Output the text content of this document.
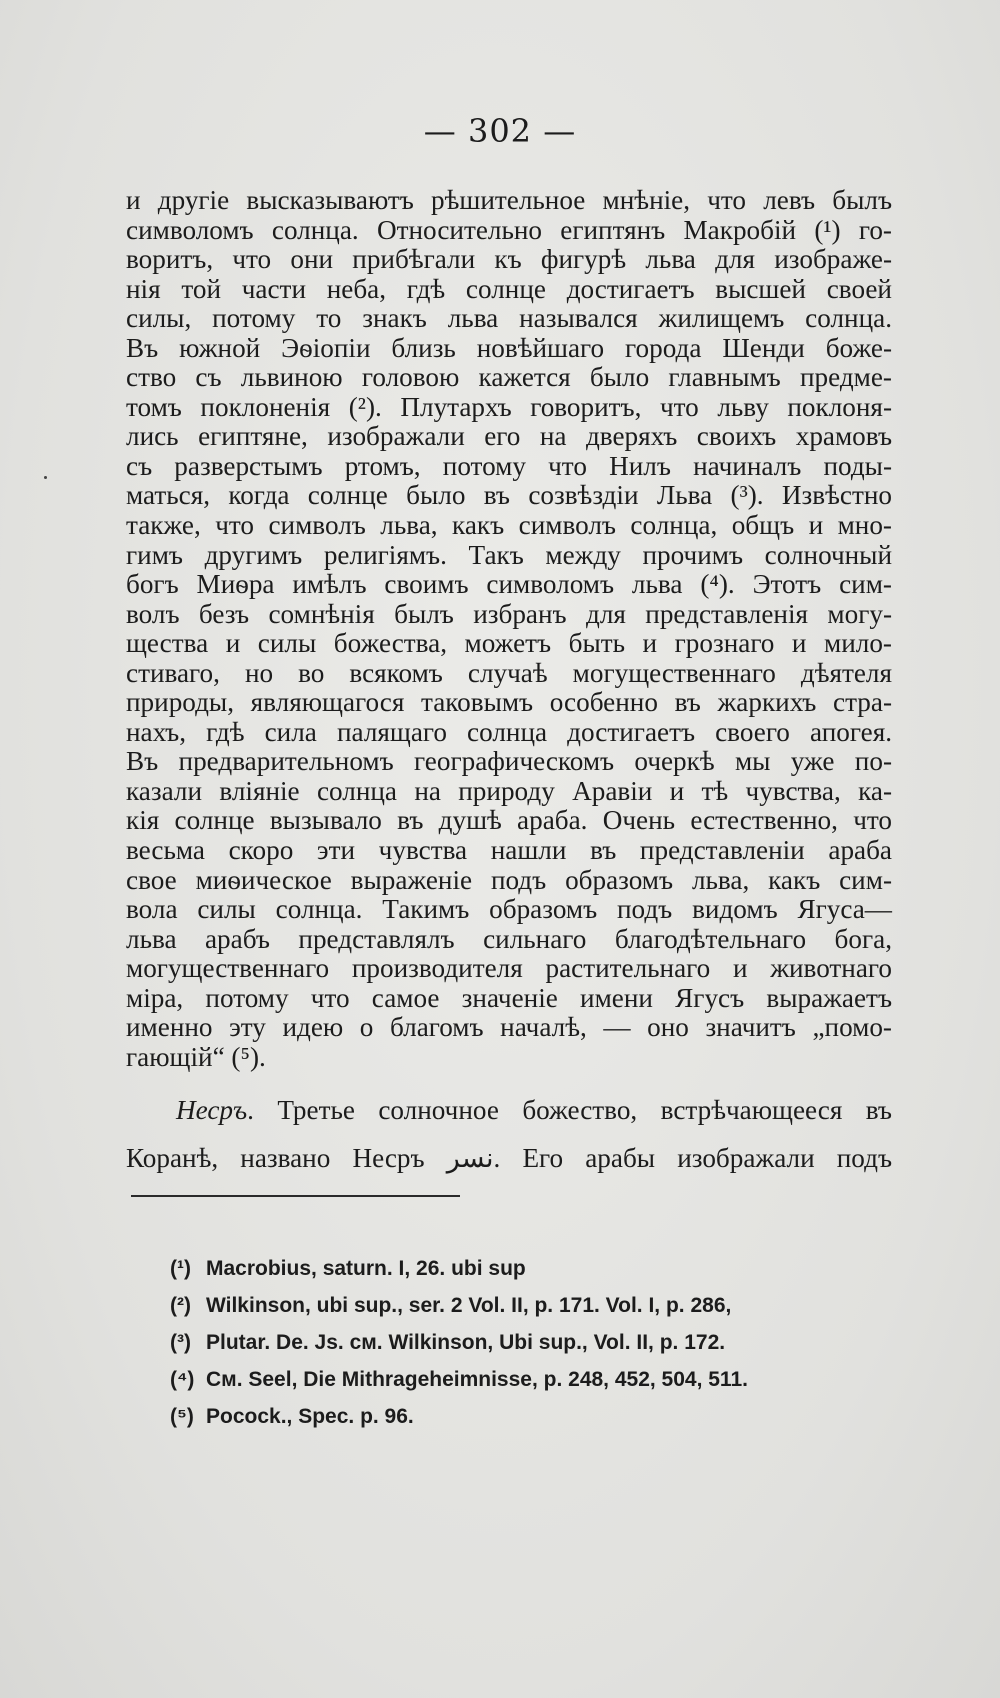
— 302 —
и другіе высказываютъ рѣшительное мнѣніе, что левъ былъ
символомъ солнца. Относительно египтянъ Макробій (¹) го-
воритъ, что они прибѣгали къ фигурѣ льва для изображе-
нія той части неба, гдѣ солнце достигаетъ высшей своей
силы, потому то знакъ льва назывался жилищемъ солнца.
Въ южной Эѳіопіи близь новѣйшаго города Шенди боже-
ство съ львиною головою кажется было главнымъ предме-
томъ поклоненія (²). Плутархъ говоритъ, что льву поклоня-
лись египтяне, изображали его на дверяхъ своихъ храмовъ
съ разверстымъ ртомъ, потому что Нилъ начиналъ поды-
маться, когда солнце было въ созвѣздіи Льва (³). Извѣстно
также, что символъ льва, какъ символъ солнца, общъ и мно-
гимъ другимъ религіямъ. Такъ между прочимъ солночный
богъ Миѳра имѣлъ своимъ символомъ льва (⁴). Этотъ сим-
волъ безъ сомнѣнія былъ избранъ для представленія могу-
щества и силы божества, можетъ быть и грознаго и мило-
стиваго, но во всякомъ случаѣ могущественнаго дѣятеля
природы, являющагося таковымъ особенно въ жаркихъ стра-
нахъ, гдѣ сила палящаго солнца достигаетъ своего апогея.
Въ предварительномъ географическомъ очеркѣ мы уже по-
казали вліяніе солнца на природу Аравіи и тѣ чувства, ка-
кія солнце вызывало въ душѣ араба. Очень естественно, что
весьма скоро эти чувства нашли въ представленіи араба
свое миѳическое выраженіе подъ образомъ льва, какъ сим-
вола силы солнца. Такимъ образомъ подъ видомъ Ягуса—
льва арабъ представлялъ сильнаго благодѣтельнаго бога,
могущественнаго производителя растительнаго и животнаго
міра, потому что самое значеніе имени Ягусъ выражаетъ
именно эту идею о благомъ началѣ, — оно значитъ „помо-
гающій“ (⁵).
Несръ. Третье солночное божество, встрѣчающееся въ
Коранѣ, названо Несръ نسر. Его арабы изображали подъ
(¹) Macrobius, saturn. I, 26. ubi sup
(²) Wilkinson, ubi sup., ser. 2 Vol. II, p. 171. Vol. I, p. 286,
(³) Plutar. De. Js. см. Wilkinson, Ubi sup., Vol. II, p. 172.
(⁴) См. Seel, Die Mithrageheimnisse, p. 248, 452, 504, 511.
(⁵) Pocock., Spec. p. 96.
